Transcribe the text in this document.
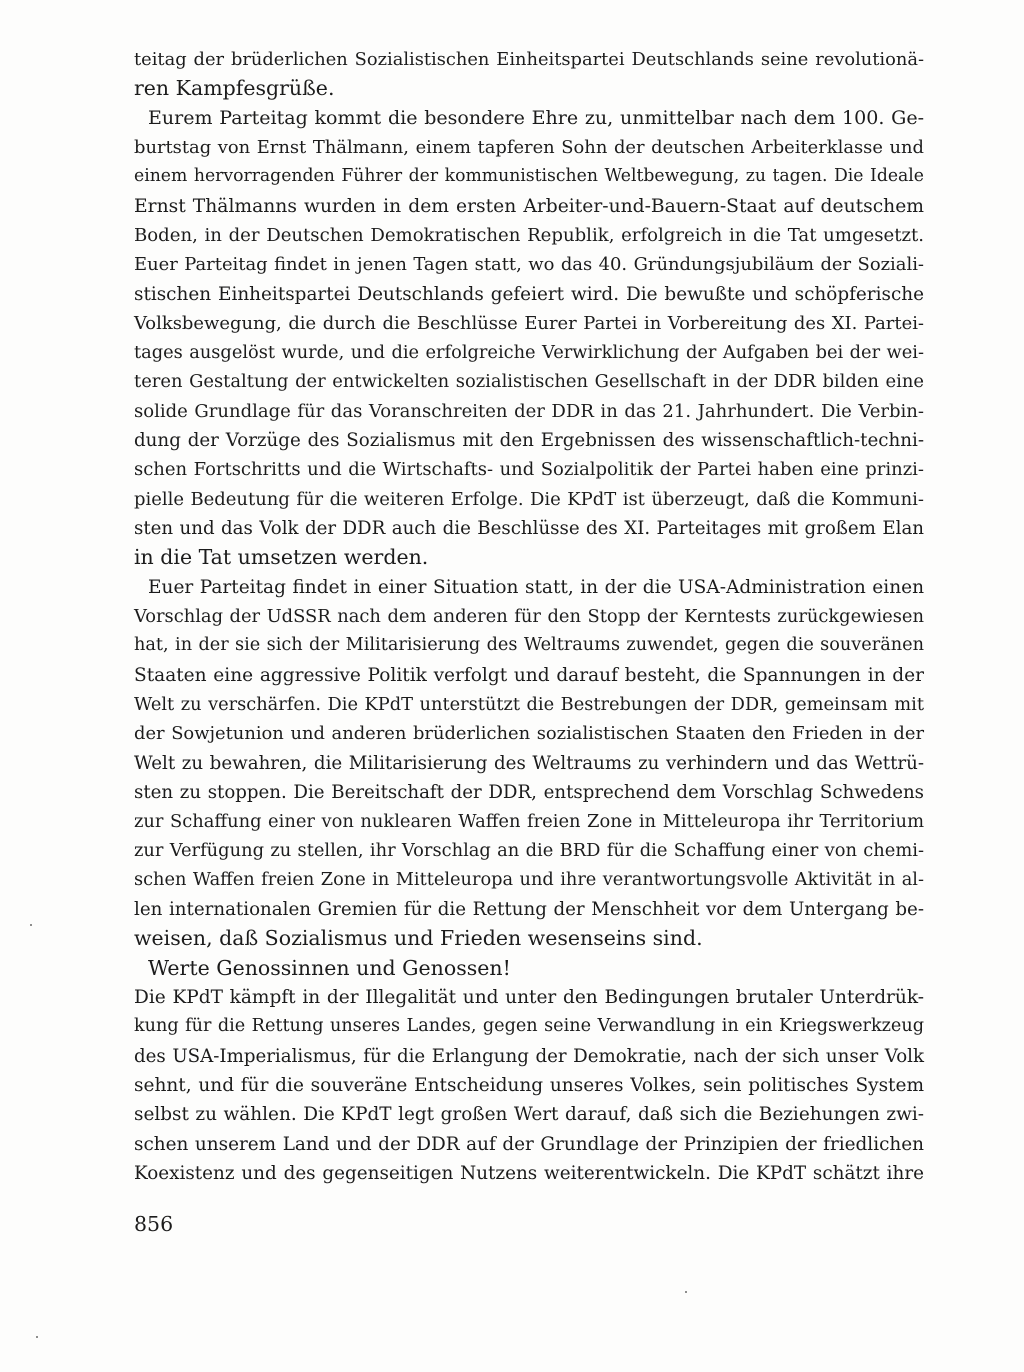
teitag der brüderlichen Sozialistischen Einheitspartei Deutschlands seine revolutionä-
ren Kampfesgrüße.
Eurem Parteitag kommt die besondere Ehre zu, unmittelbar nach dem 100. Ge-
burtstag von Ernst Thälmann, einem tapferen Sohn der deutschen Arbeiterklasse und
einem hervorragenden Führer der kommunistischen Weltbewegung, zu tagen. Die Ideale
Ernst Thälmanns wurden in dem ersten Arbeiter-und-Bauern-Staat auf deutschem
Boden, in der Deutschen Demokratischen Republik, erfolgreich in die Tat umgesetzt.
Euer Parteitag findet in jenen Tagen statt, wo das 40. Gründungsjubiläum der Soziali-
stischen Einheitspartei Deutschlands gefeiert wird. Die bewußte und schöpferische
Volksbewegung, die durch die Beschlüsse Eurer Partei in Vorbereitung des XI. Partei-
tages ausgelöst wurde, und die erfolgreiche Verwirklichung der Aufgaben bei der wei-
teren Gestaltung der entwickelten sozialistischen Gesellschaft in der DDR bilden eine
solide Grundlage für das Voranschreiten der DDR in das 21. Jahrhundert. Die Verbin-
dung der Vorzüge des Sozialismus mit den Ergebnissen des wissenschaftlich-techni-
schen Fortschritts und die Wirtschafts- und Sozialpolitik der Partei haben eine prinzi-
pielle Bedeutung für die weiteren Erfolge. Die KPdT ist überzeugt, daß die Kommuni-
sten und das Volk der DDR auch die Beschlüsse des XI. Parteitages mit großem Elan
in die Tat umsetzen werden.
Euer Parteitag findet in einer Situation statt, in der die USA-Administration einen
Vorschlag der UdSSR nach dem anderen für den Stopp der Kerntests zurückgewiesen
hat, in der sie sich der Militarisierung des Weltraums zuwendet, gegen die souveränen
Staaten eine aggressive Politik verfolgt und darauf besteht, die Spannungen in der
Welt zu verschärfen. Die KPdT unterstützt die Bestrebungen der DDR, gemeinsam mit
der Sowjetunion und anderen brüderlichen sozialistischen Staaten den Frieden in der
Welt zu bewahren, die Militarisierung des Weltraums zu verhindern und das Wettrü-
sten zu stoppen. Die Bereitschaft der DDR, entsprechend dem Vorschlag Schwedens
zur Schaffung einer von nuklearen Waffen freien Zone in Mitteleuropa ihr Territorium
zur Verfügung zu stellen, ihr Vorschlag an die BRD für die Schaffung einer von chemi-
schen Waffen freien Zone in Mitteleuropa und ihre verantwortungsvolle Aktivität in al-
len internationalen Gremien für die Rettung der Menschheit vor dem Untergang be-
weisen, daß Sozialismus und Frieden wesenseins sind.
Werte Genossinnen und Genossen!
Die KPdT kämpft in der Illegalität und unter den Bedingungen brutaler Unterdrük-
kung für die Rettung unseres Landes, gegen seine Verwandlung in ein Kriegswerkzeug
des USA-Imperialismus, für die Erlangung der Demokratie, nach der sich unser Volk
sehnt, und für die souveräne Entscheidung unseres Volkes, sein politisches System
selbst zu wählen. Die KPdT legt großen Wert darauf, daß sich die Beziehungen zwi-
schen unserem Land und der DDR auf der Grundlage der Prinzipien der friedlichen
Koexistenz und des gegenseitigen Nutzens weiterentwickeln. Die KPdT schätzt ihre
856
